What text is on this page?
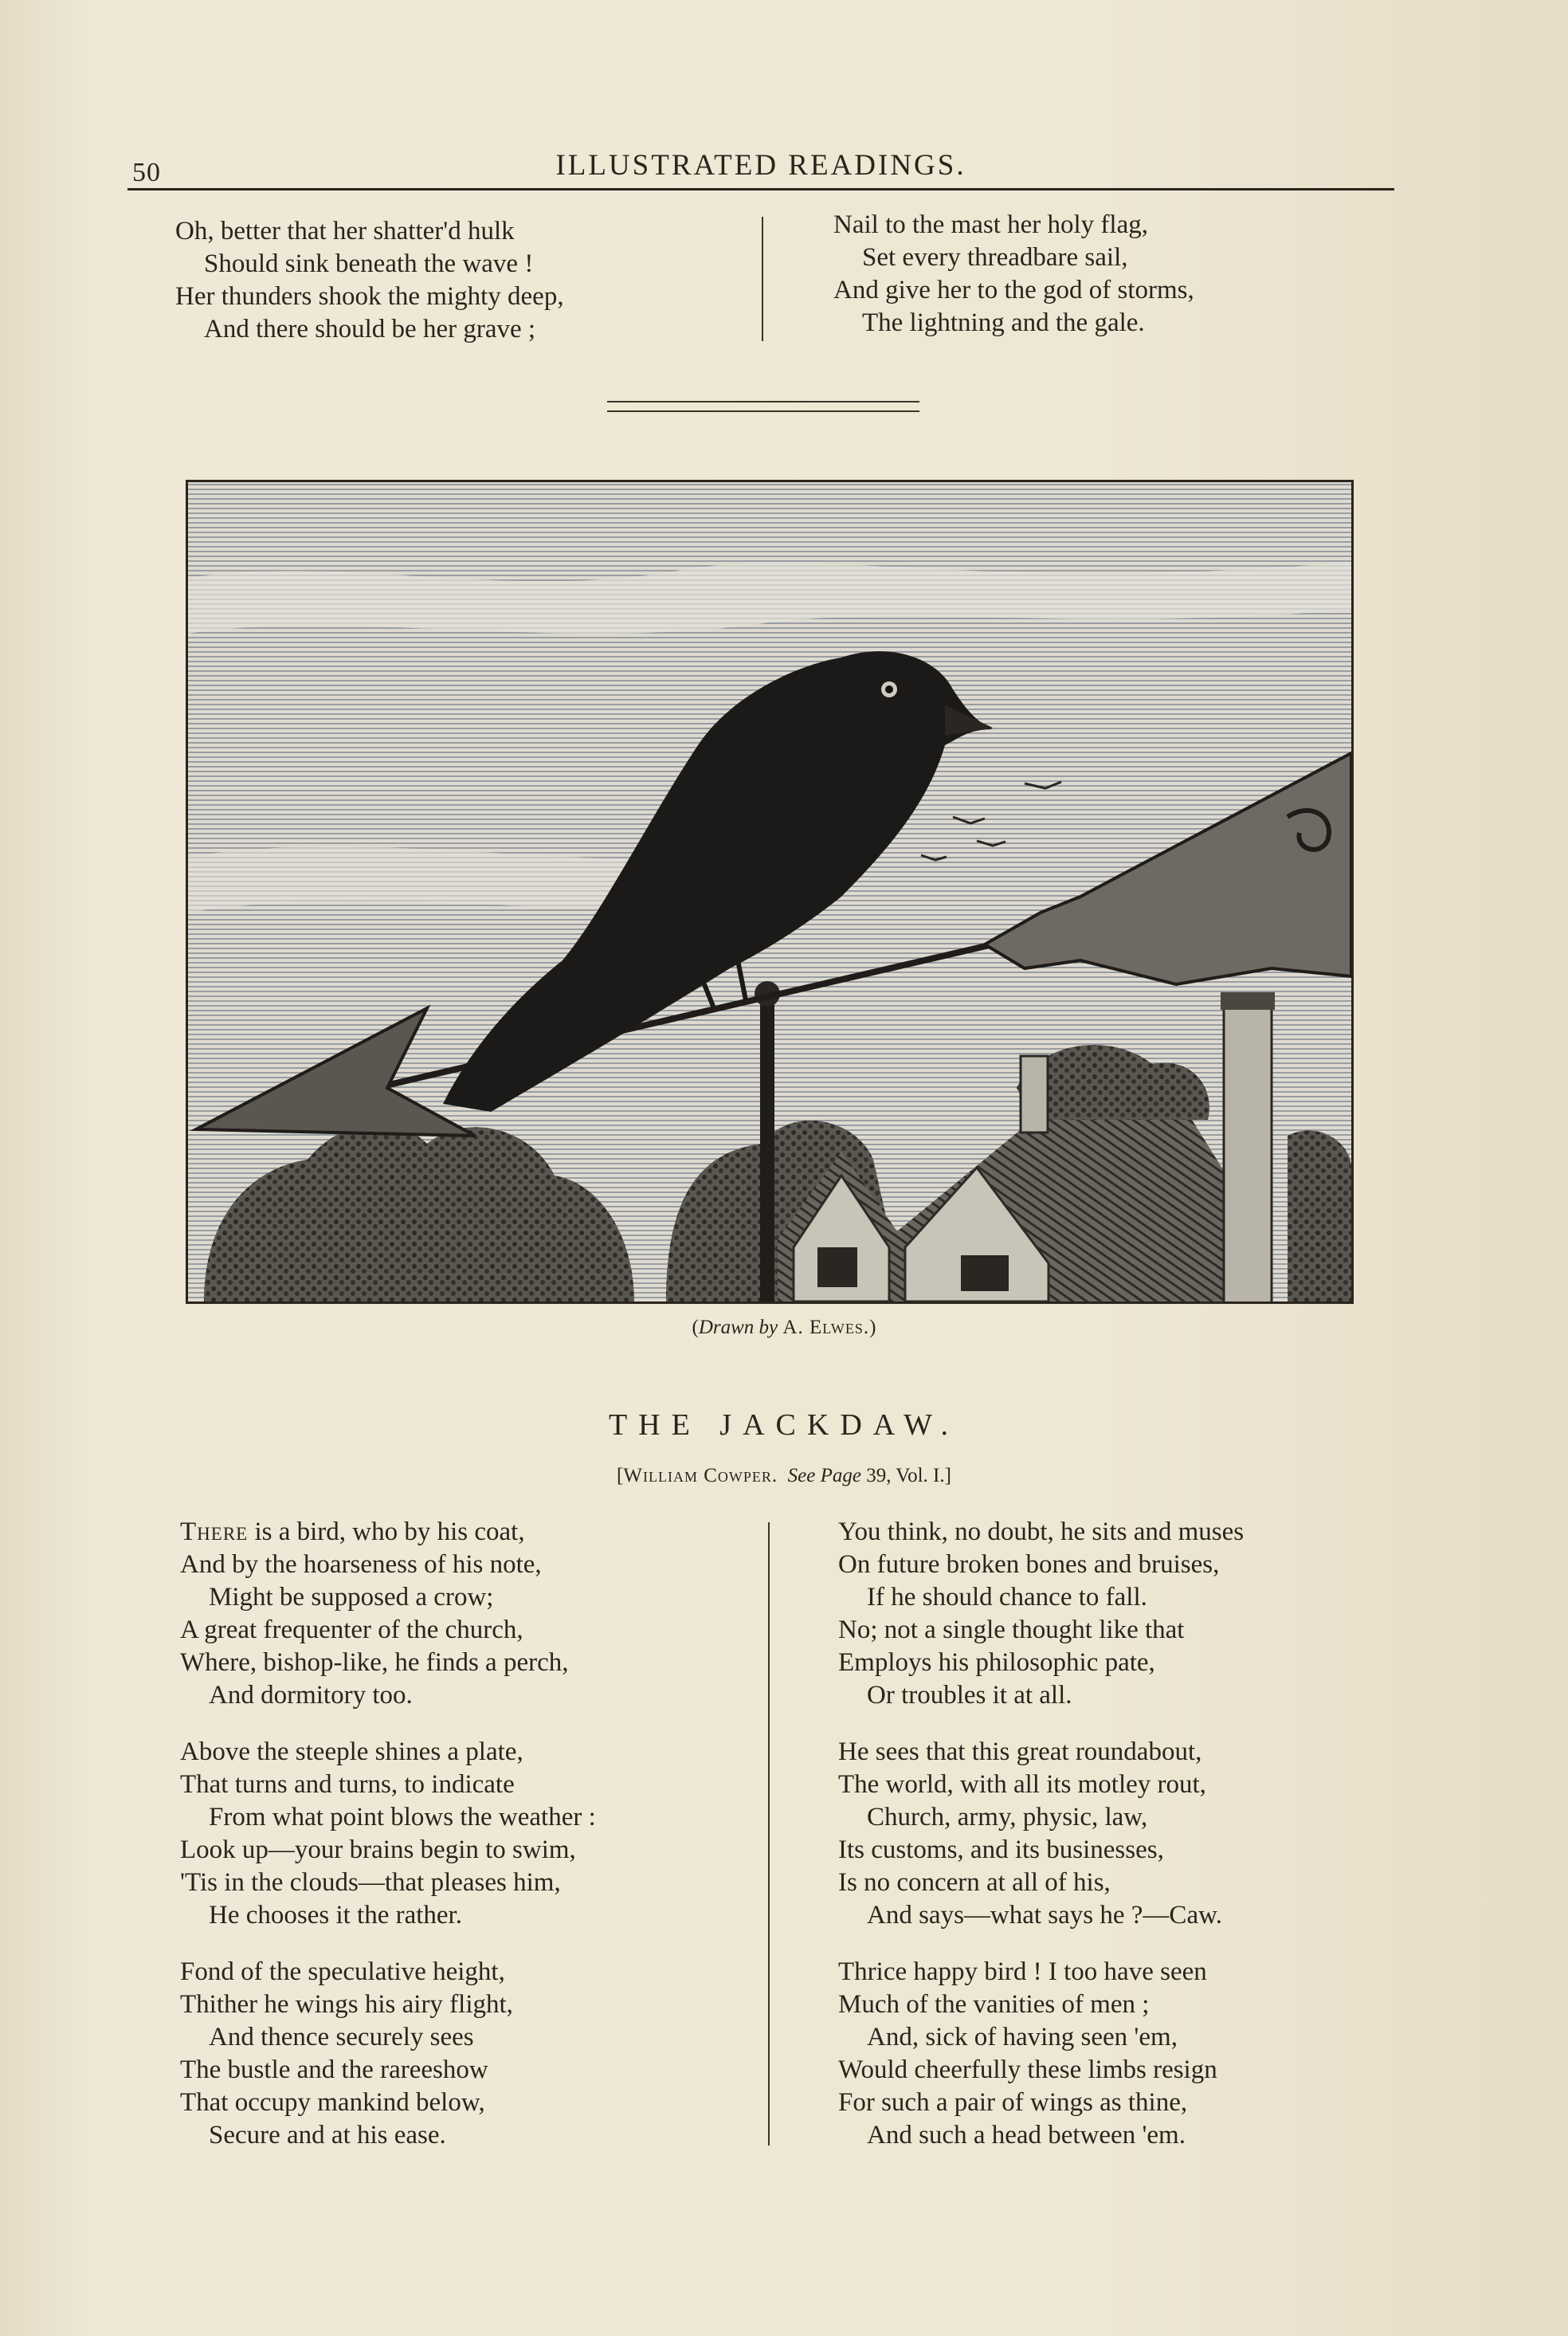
50	ILLUSTRATED READINGS.
Oh, better that her shatter'd hulk
Should sink beneath the wave !
Her thunders shook the mighty deep,
And there should be her grave ;
Nail to the mast her holy flag,
Set every threadbare sail,
And give her to the god of storms,
The lightning and the gale.
(Drawn by A. Elwes.)
THE JACKDAW.
[William Cowper. See Page 39, Vol. I.]
There is a bird, who by his coat,
And by the hoarseness of his note,
Might be supposed a crow;
A great frequenter of the church,
Where, bishop-like, he finds a perch,
And dormitory too.
Above the steeple shines a plate,
That turns and turns, to indicate
From what point blows the weather :
Look up—your brains begin to swim,
'Tis in the clouds—that pleases him,
He chooses it the rather.
Fond of the speculative height,
Thither he wings his airy flight,
And thence securely sees
The bustle and the rareeshow
That occupy mankind below,
Secure and at his ease.
You think, no doubt, he sits and muses
On future broken bones and bruises,
If he should chance to fall.
No; not a single thought like that
Employs his philosophic pate,
Or troubles it at all.
He sees that this great roundabout,
The world, with all its motley rout,
Church, army, physic, law,
Its customs, and its businesses,
Is no concern at all of his,
And says—what says he ?—Caw.
Thrice happy bird ! I too have seen
Much of the vanities of men ;
And, sick of having seen 'em,
Would cheerfully these limbs resign
For such a pair of wings as thine,
And such a head between 'em.
